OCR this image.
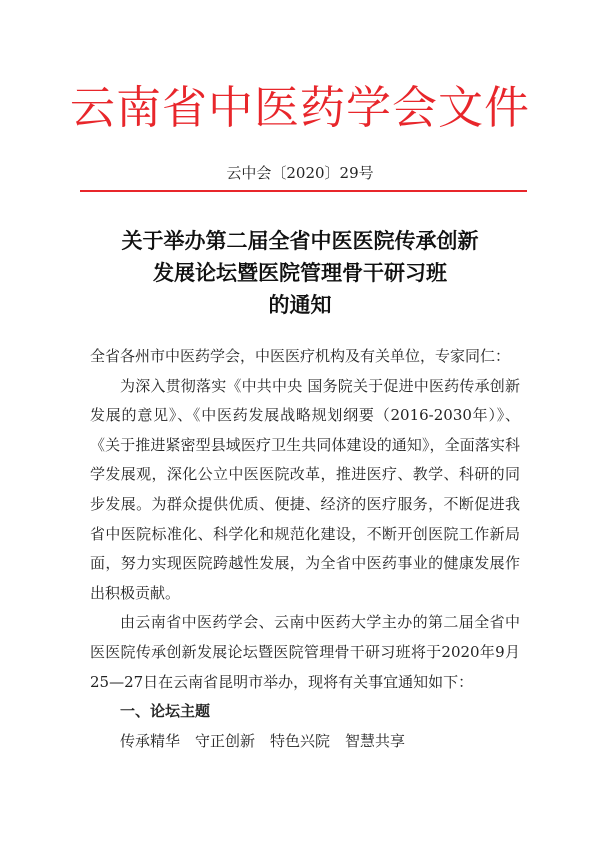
云南省中医药学会文件
云中会〔2020〕29号
关于举办第二届全省中医医院传承创新
发展论坛暨医院管理骨干研习班
的通知

全省各州市中医药学会，中医医疗机构及有关单位，专家同仁：

为深入贯彻落实《中共中央 国务院关于促进中医药传承创新发展的意见》、《中医药发展战略规划纲要（2016-2030年）》、《关于推进紧密型县域医疗卫生共同体建设的通知》，全面落实科学发展观，深化公立中医医院改革，推进医疗、教学、科研的同步发展。为群众提供优质、便捷、经济的医疗服务，不断促进我省中医院标准化、科学化和规范化建设，不断开创医院工作新局面，努力实现医院跨越性发展，为全省中医药事业的健康发展作出积极贡献。

由云南省中医药学会、云南中医药大学主办的第二届全省中医医院传承创新发展论坛暨医院管理骨干研习班将于2020年9月25—27日在云南省昆明市举办，现将有关事宜通知如下：

一、论坛主题

传承精华　守正创新　特色兴院　智慧共享
